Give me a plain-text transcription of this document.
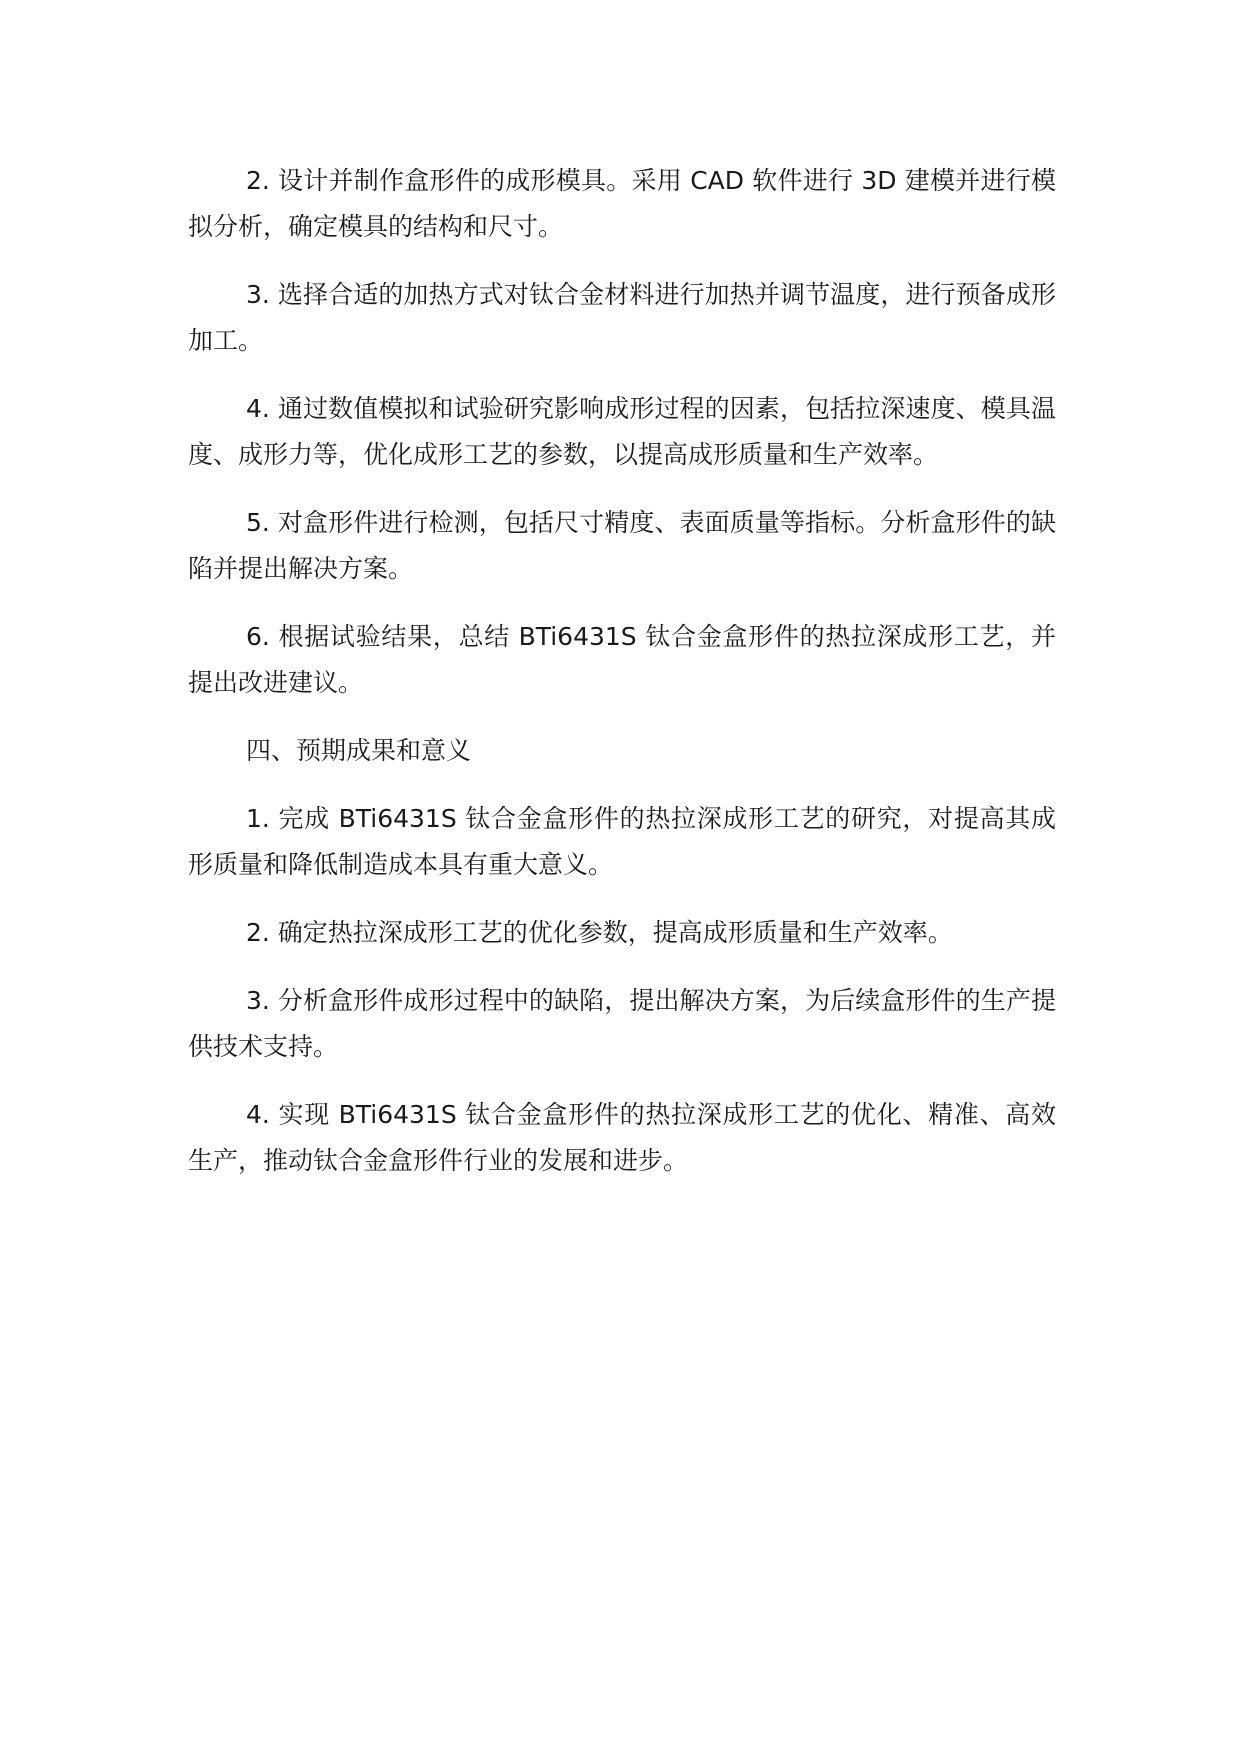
2. 设计并制作盒形件的成形模具。采用 CAD 软件进行 3D 建模并进行模拟分析，确定模具的结构和尺寸。

3. 选择合适的加热方式对钛合金材料进行加热并调节温度，进行预备成形加工。

4. 通过数值模拟和试验研究影响成形过程的因素，包括拉深速度、模具温度、成形力等，优化成形工艺的参数，以提高成形质量和生产效率。

5. 对盒形件进行检测，包括尺寸精度、表面质量等指标。分析盒形件的缺陷并提出解决方案。

6. 根据试验结果，总结 BTi6431S 钛合金盒形件的热拉深成形工艺，并提出改进建议。

四、预期成果和意义

1. 完成 BTi6431S 钛合金盒形件的热拉深成形工艺的研究，对提高其成形质量和降低制造成本具有重大意义。

2. 确定热拉深成形工艺的优化参数，提高成形质量和生产效率。

3. 分析盒形件成形过程中的缺陷，提出解决方案，为后续盒形件的生产提供技术支持。

4. 实现 BTi6431S 钛合金盒形件的热拉深成形工艺的优化、精准、高效生产，推动钛合金盒形件行业的发展和进步。
